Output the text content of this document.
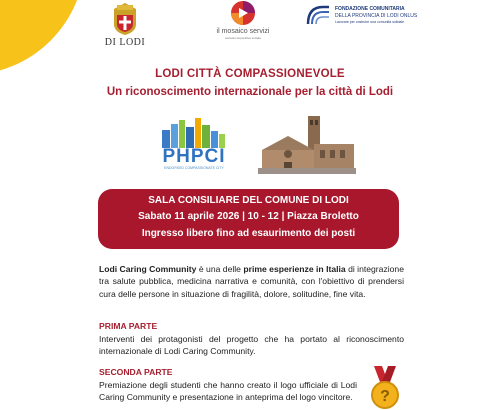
DI LODI
il mosaico servizi
società cooperativa sociale
FONDAZIONE COMUNITARIA
DELLA PROVINCIA DI LODI ONLUS
Lavorare per costruire una comunità solidale
LODI CITTÀ COMPASSIONEVOLE
Un riconoscimento internazionale per la città di Lodi
PHPCI
ENDORSED COMPASSIONATE CITY
SALA CONSILIARE DEL COMUNE DI LODI
Sabato 11 aprile 2026 | 10 - 12 | Piazza Broletto
Ingresso libero fino ad esaurimento dei posti
Lodi Caring Community è una delle prime esperienze in Italia di integrazione tra salute pubblica, medicina narrativa e comunità, con l'obiettivo di prendersi cura delle persone in situazione di fragilità, dolore, solitudine, fine vita.
PRIMA PARTE
Interventi dei protagonisti del progetto che ha portato al riconoscimento internazionale di Lodi Caring Community.
SECONDA PARTE
Premiazione degli studenti che hanno creato il logo ufficiale di Lodi Caring Community e presentazione in anteprima del logo vincitore. ?
